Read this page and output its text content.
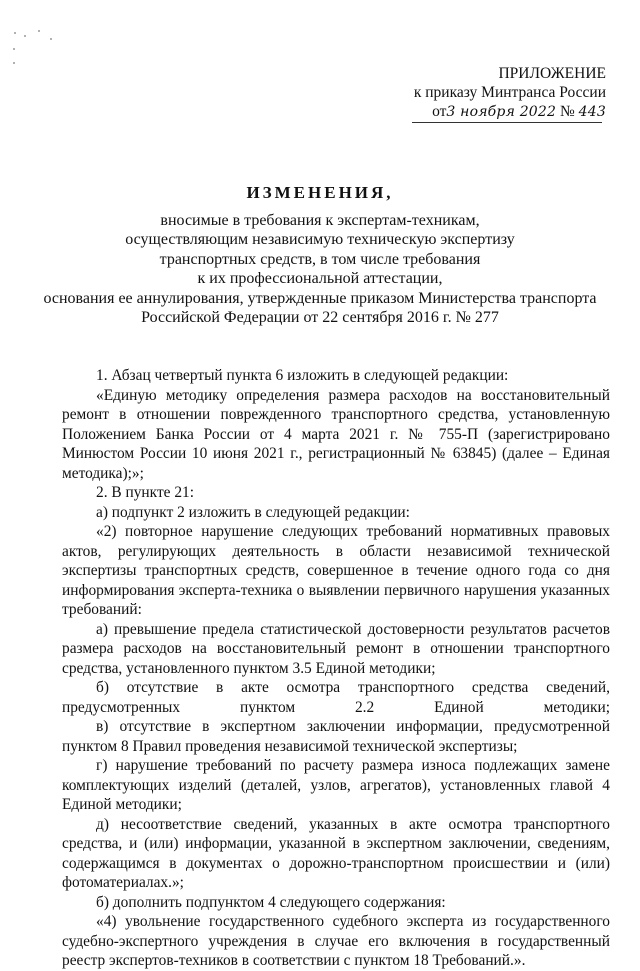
ПРИЛОЖЕНИЕ
к приказу Минтранса России
от3 ноября 2022 № 443
ИЗМЕНЕНИЯ,
вносимые в требования к экспертам-техникам,
осуществляющим независимую техническую экспертизу
транспортных средств, в том числе требования
к их профессиональной аттестации,
основания ее аннулирования, утвержденные приказом Министерства транспорта
Российской Федерации от 22 сентября 2016 г. № 277

1. Абзац четвертый пункта 6 изложить в следующей редакции:

«Единую методику определения размера расходов на восстановительный ремонт в отношении поврежденного транспортного средства, установленную Положением Банка России от 4 марта 2021 г. № 755-П (зарегистрировано Минюстом России 10 июня 2021 г., регистрационный № 63845) (далее – Единая методика);»;

2. В пункте 21:

а) подпункт 2 изложить в следующей редакции:

«2) повторное нарушение следующих требований нормативных правовых актов, регулирующих деятельность в области независимой технической экспертизы транспортных средств, совершенное в течение одного года со дня информирования эксперта-техника о выявлении первичного нарушения указанных требований:

а) превышение предела статистической достоверности результатов расчетов размера расходов на восстановительный ремонт в отношении транспортного средства, установленного пунктом 3.5 Единой методики;

б) отсутствие в акте осмотра транспортного средства сведений, предусмотренных пунктом 2.2 Единой методики;

в) отсутствие в экспертном заключении информации, предусмотренной пунктом 8 Правил проведения независимой технической экспертизы;

г) нарушение требований по расчету размера износа подлежащих замене комплектующих изделий (деталей, узлов, агрегатов), установленных главой 4 Единой методики;

д) несоответствие сведений, указанных в акте осмотра транспортного средства, и (или) информации, указанной в экспертном заключении, сведениям, содержащимся в документах о дорожно-транспортном происшествии и (или) фотоматериалах.»;

б) дополнить подпунктом 4 следующего содержания:

«4) увольнение государственного судебного эксперта из государственного судебно-экспертного учреждения в случае его включения в государственный реестр экспертов-техников в соответствии с пунктом 18 Требований.».
